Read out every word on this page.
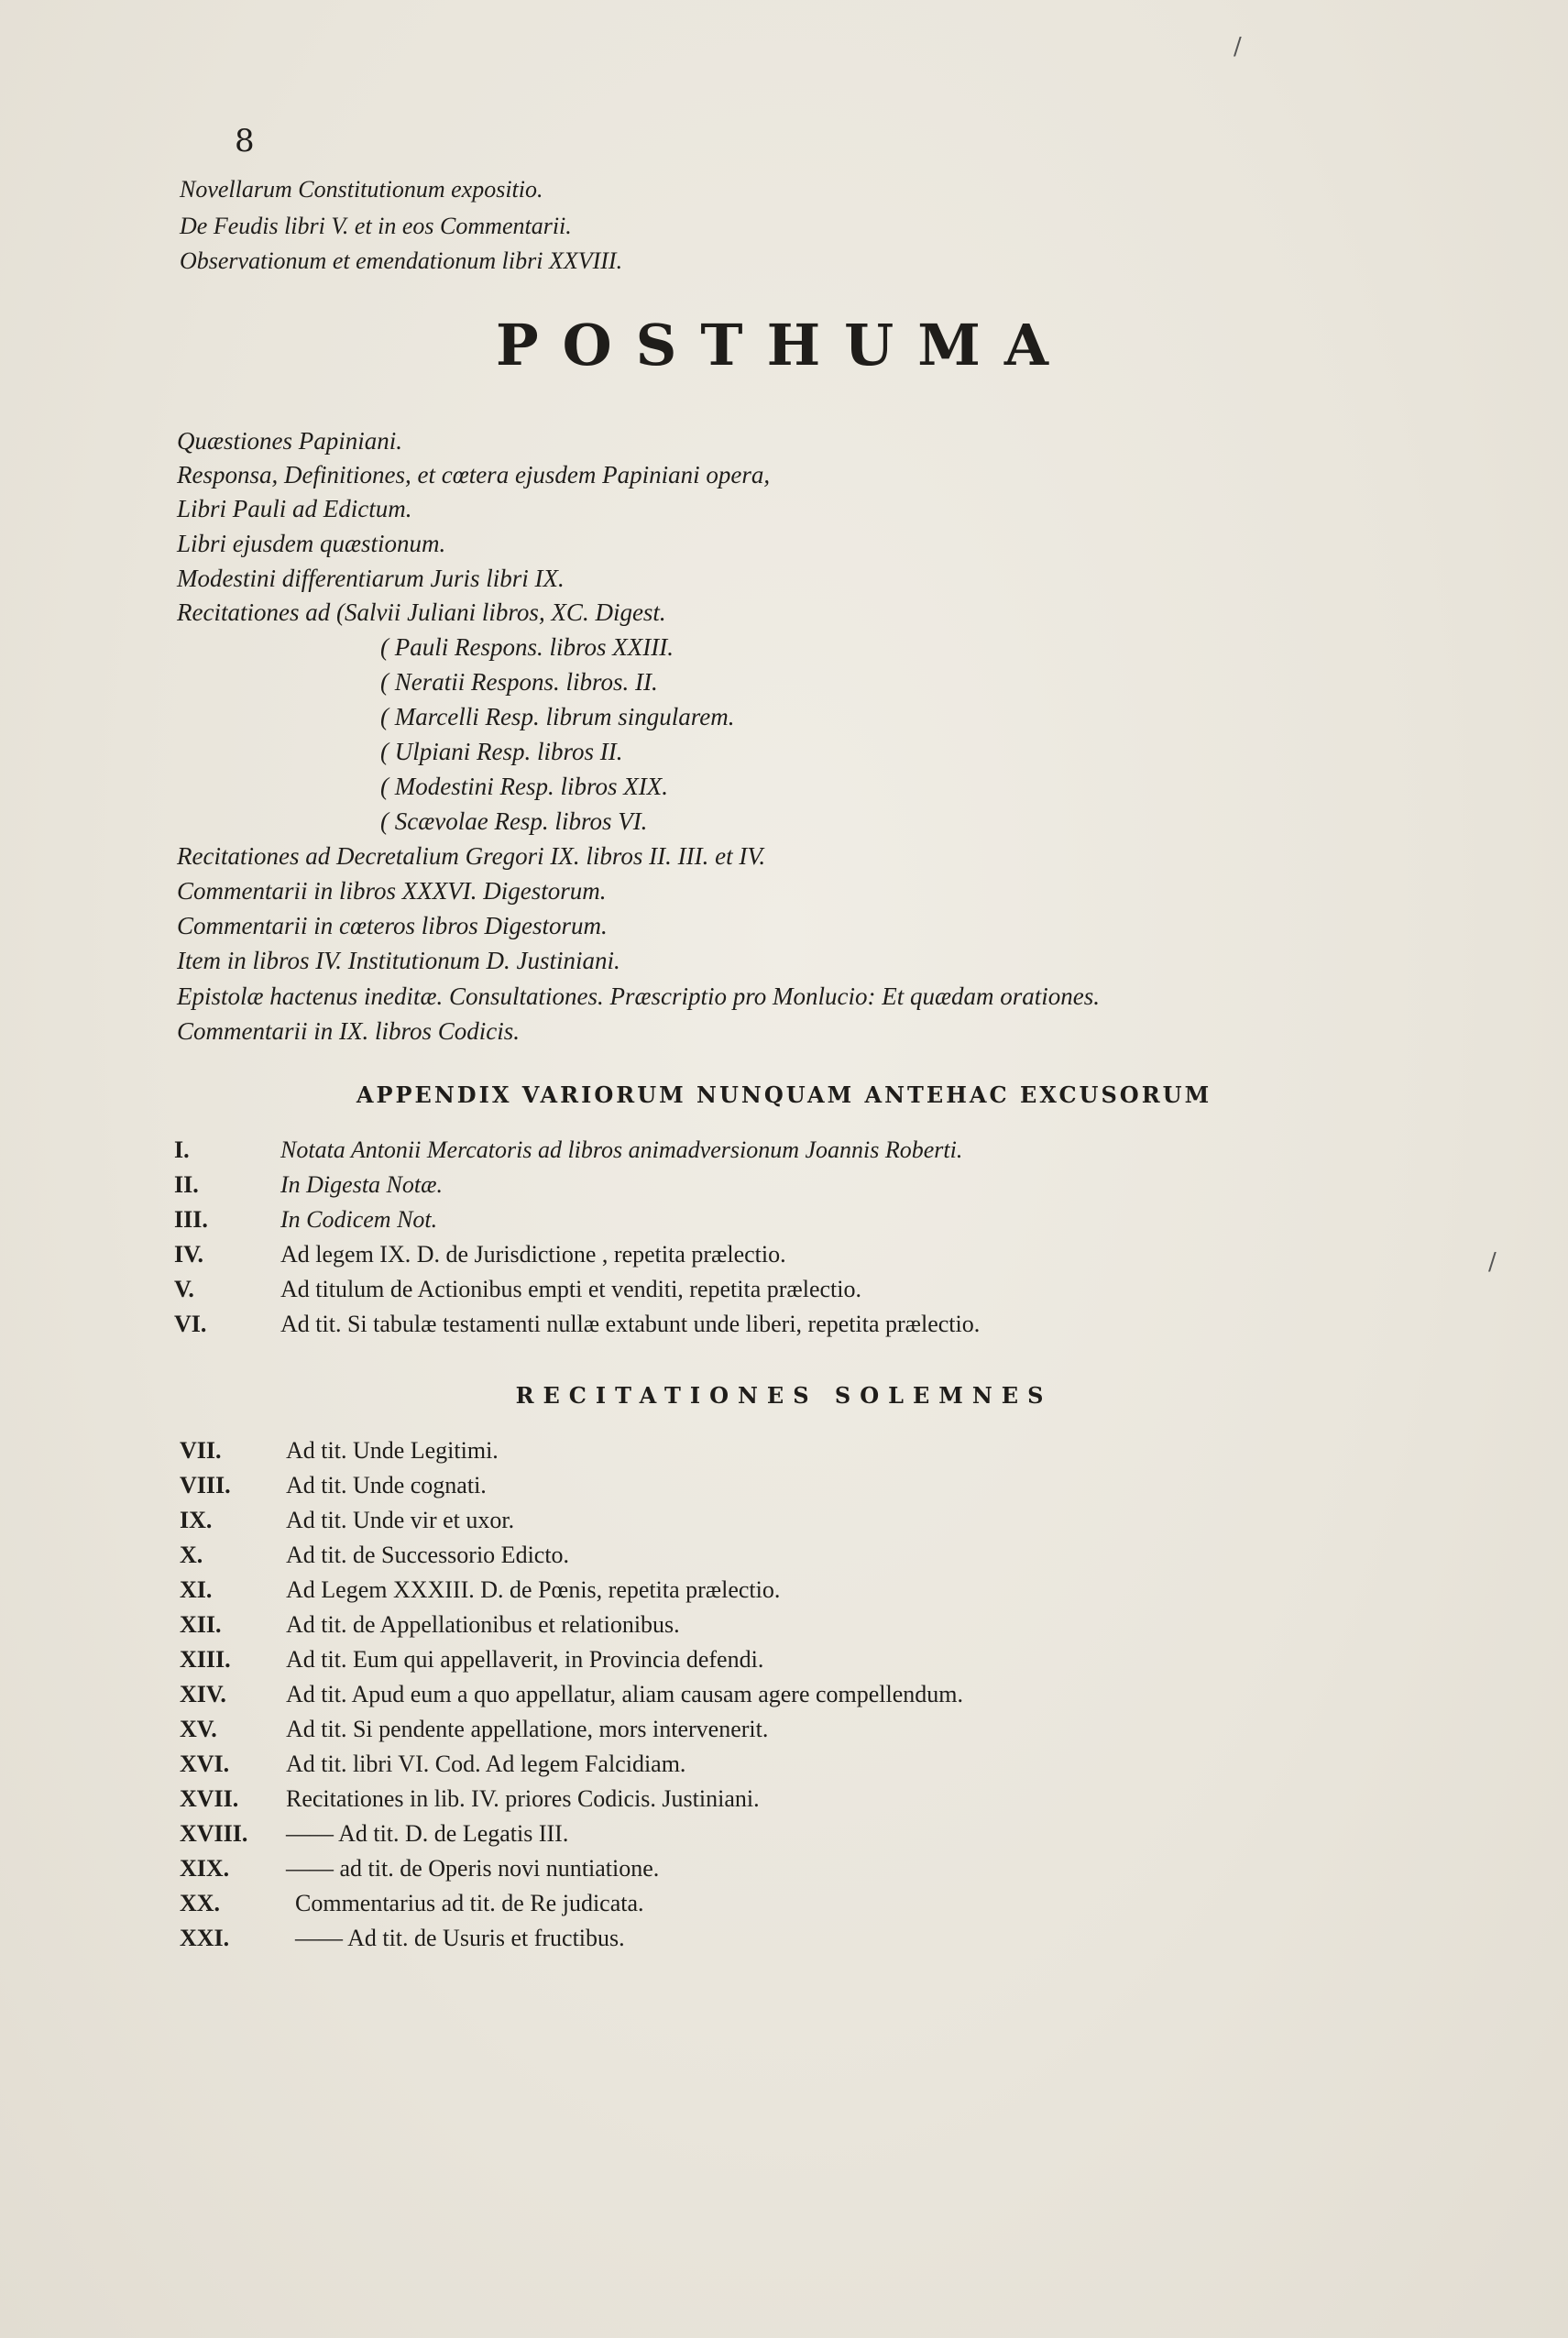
8
Novellarum Constitutionum expositio.
De Feudis libri V. et in eos Commentarii.
Observationum et emendationum libri XXVIII.
POSTHUMA
Quæstiones Papiniani.
Responsa, Definitiones, et cœtera ejusdem Papiniani opera,
Libri Pauli ad Edictum.
Libri ejusdem quæstionum.
Modestini differentiarum Juris libri IX.
Recitationes ad (Salvii Juliani libros, XC. Digest.
( Pauli Respons. libros XXIII.
( Neratii Respons. libros. II.
( Marcelli Resp. librum singularem.
( Ulpiani Resp. libros II.
( Modestini Resp. libros XIX.
( Scævolae Resp. libros VI.
Recitationes ad Decretalium Gregori IX. libros II. III. et IV.
Commentarii in libros XXXVI. Digestorum.
Commentarii in cœteros libros Digestorum.
Item in libros IV. Institutionum D. Justiniani.
Epistolæ hactenus ineditæ. Consultationes. Præscriptio pro Monlucio: Et quædam orationes.
Commentarii in IX. libros Codicis.
APPENDIX VARIORUM NUNQUAM ANTEHAC EXCUSORUM
I.	Notata Antonii Mercatoris ad libros animadversionum Joannis Roberti.
II.	In Digesta Notæ.
III.	In Codicem Not.
IV.	Ad legem IX. D. de Jurisdictione , repetita prælectio.
V.	Ad titulum de Actionibus empti et venditi, repetita prælectio.
VI.	Ad tit. Si tabulæ testamenti nullæ extabunt unde liberi, repetita prælectio.
RECITATIONES SOLEMNES
VII.	Ad tit. Unde Legitimi.
VIII. Ad tit. Unde cognati.
IX.	Ad tit. Unde vir et uxor.
X.	Ad tit. de Successorio Edicto.
XI.	Ad Legem XXXIII. D. de Pœnis, repetita prælectio.
XII.	Ad tit. de Appellationibus et relationibus.
XIII. Ad tit. Eum qui appellaverit, in Provincia defendi.
XIV.	Ad tit. Apud eum a quo appellatur, aliam causam agere compellendum.
XV.	Ad tit. Si pendente appellatione, mors intervenerit.
XVI. Ad tit. libri VI. Cod. Ad legem Falcidiam.
XVII. Recitationes in lib. IV. priores Codicis. Justiniani.
XVIII. —— Ad tit. D. de Legatis III.
XIX. —— ad tit. de Operis novi nuntiatione.
XX.	Commentarius ad tit. de Re judicata.
XXI.	—— Ad tit. de Usuris et fructibus.
/
/
